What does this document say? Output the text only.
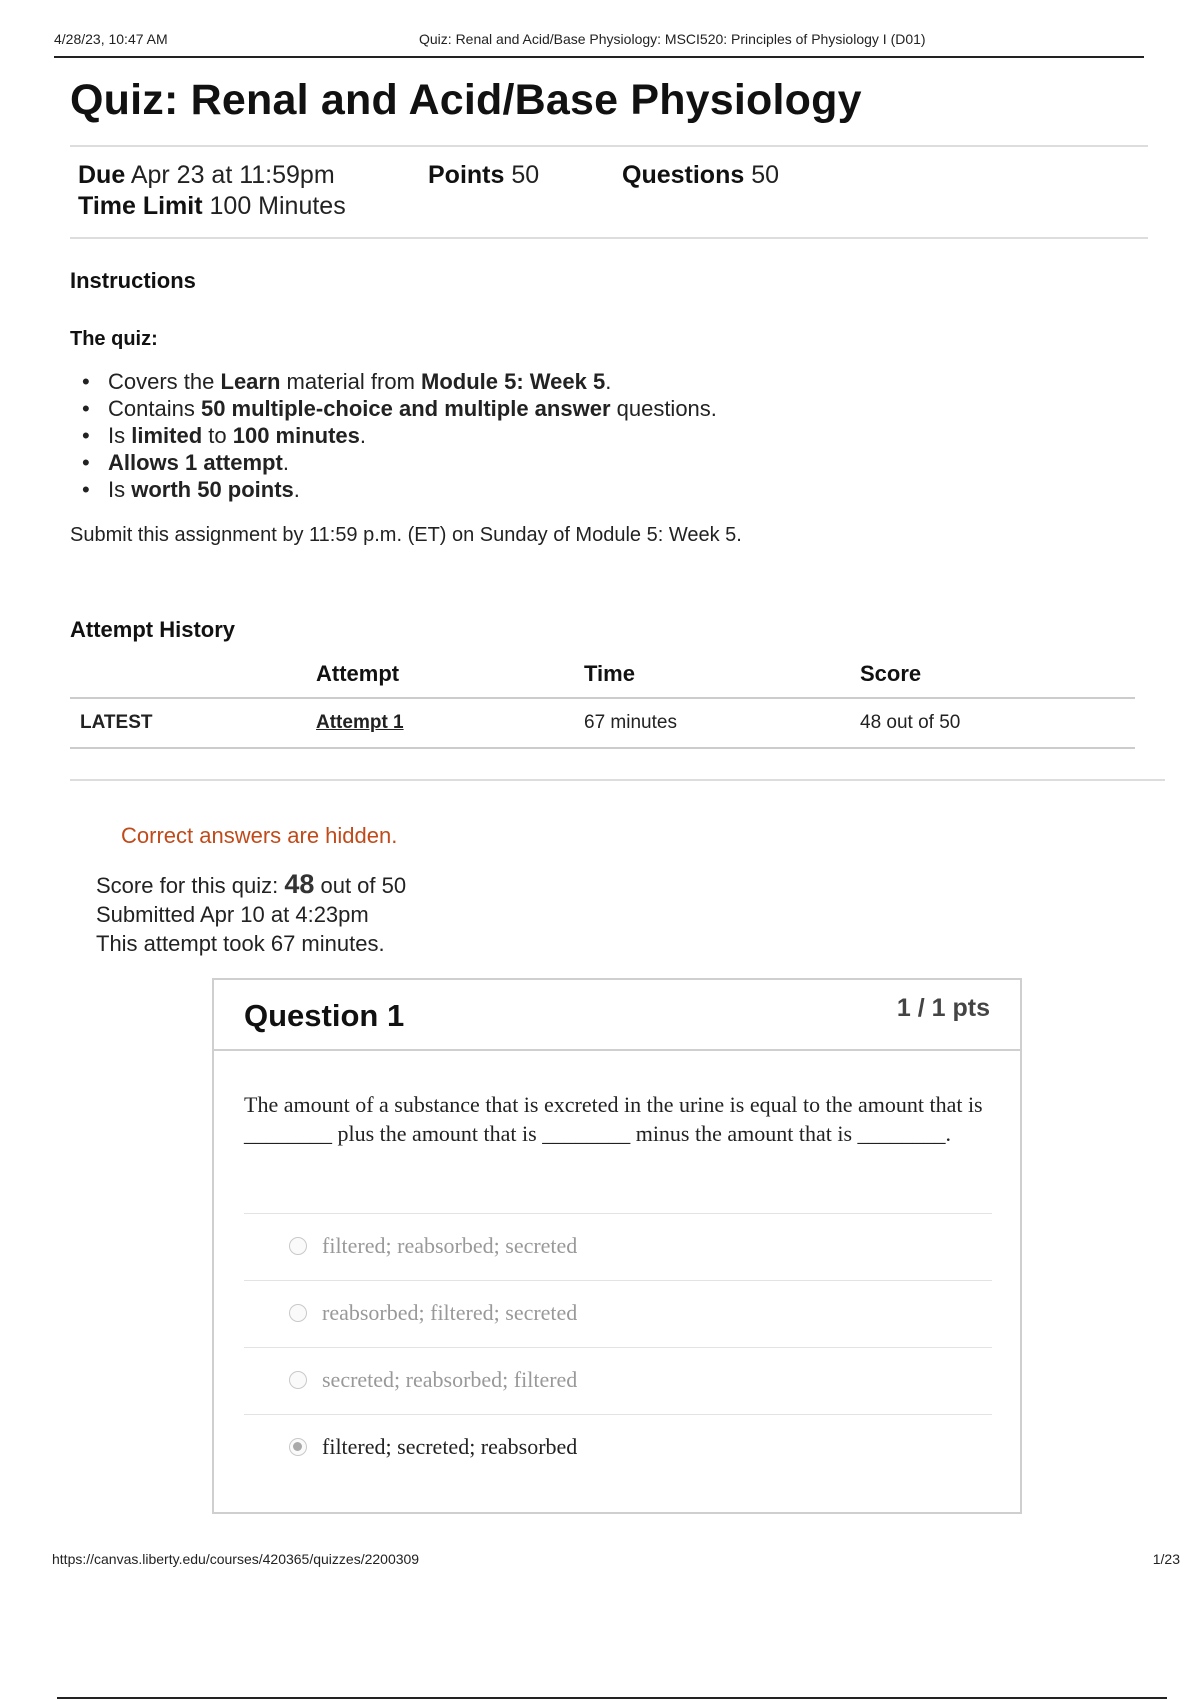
4/28/23, 10:47 AM	Quiz: Renal and Acid/Base Physiology: MSCI520: Principles of Physiology I (D01)
Quiz: Renal and Acid/Base Physiology
Due Apr 23 at 11:59pm
Time Limit 100 Minutes
Points 50	Questions 50
Instructions

The quiz:

• Covers the Learn material from Module 5: Week 5.
• Contains 50 multiple-choice and multiple answer questions.
• Is limited to 100 minutes.
• Allows 1 attempt.
• Is worth 50 points.

Submit this assignment by 11:59 p.m. (ET) on Sunday of Module 5: Week 5.

Attempt History
	Attempt	Time	Score
LATEST	Attempt 1	67 minutes	48 out of 50

Correct answers are hidden.

Score for this quiz: 48 out of 50
Submitted Apr 10 at 4:23pm
This attempt took 67 minutes.
Question 1	1 / 1 pts

The amount of a substance that is excreted in the urine is equal to the amount that is ________ plus the amount that is ________ minus the amount that is ________.

filtered; reabsorbed; secreted
reabsorbed; filtered; secreted
secreted; reabsorbed; filtered
filtered; secreted; reabsorbed
https://canvas.liberty.edu/courses/420365/quizzes/2200309	1/23
